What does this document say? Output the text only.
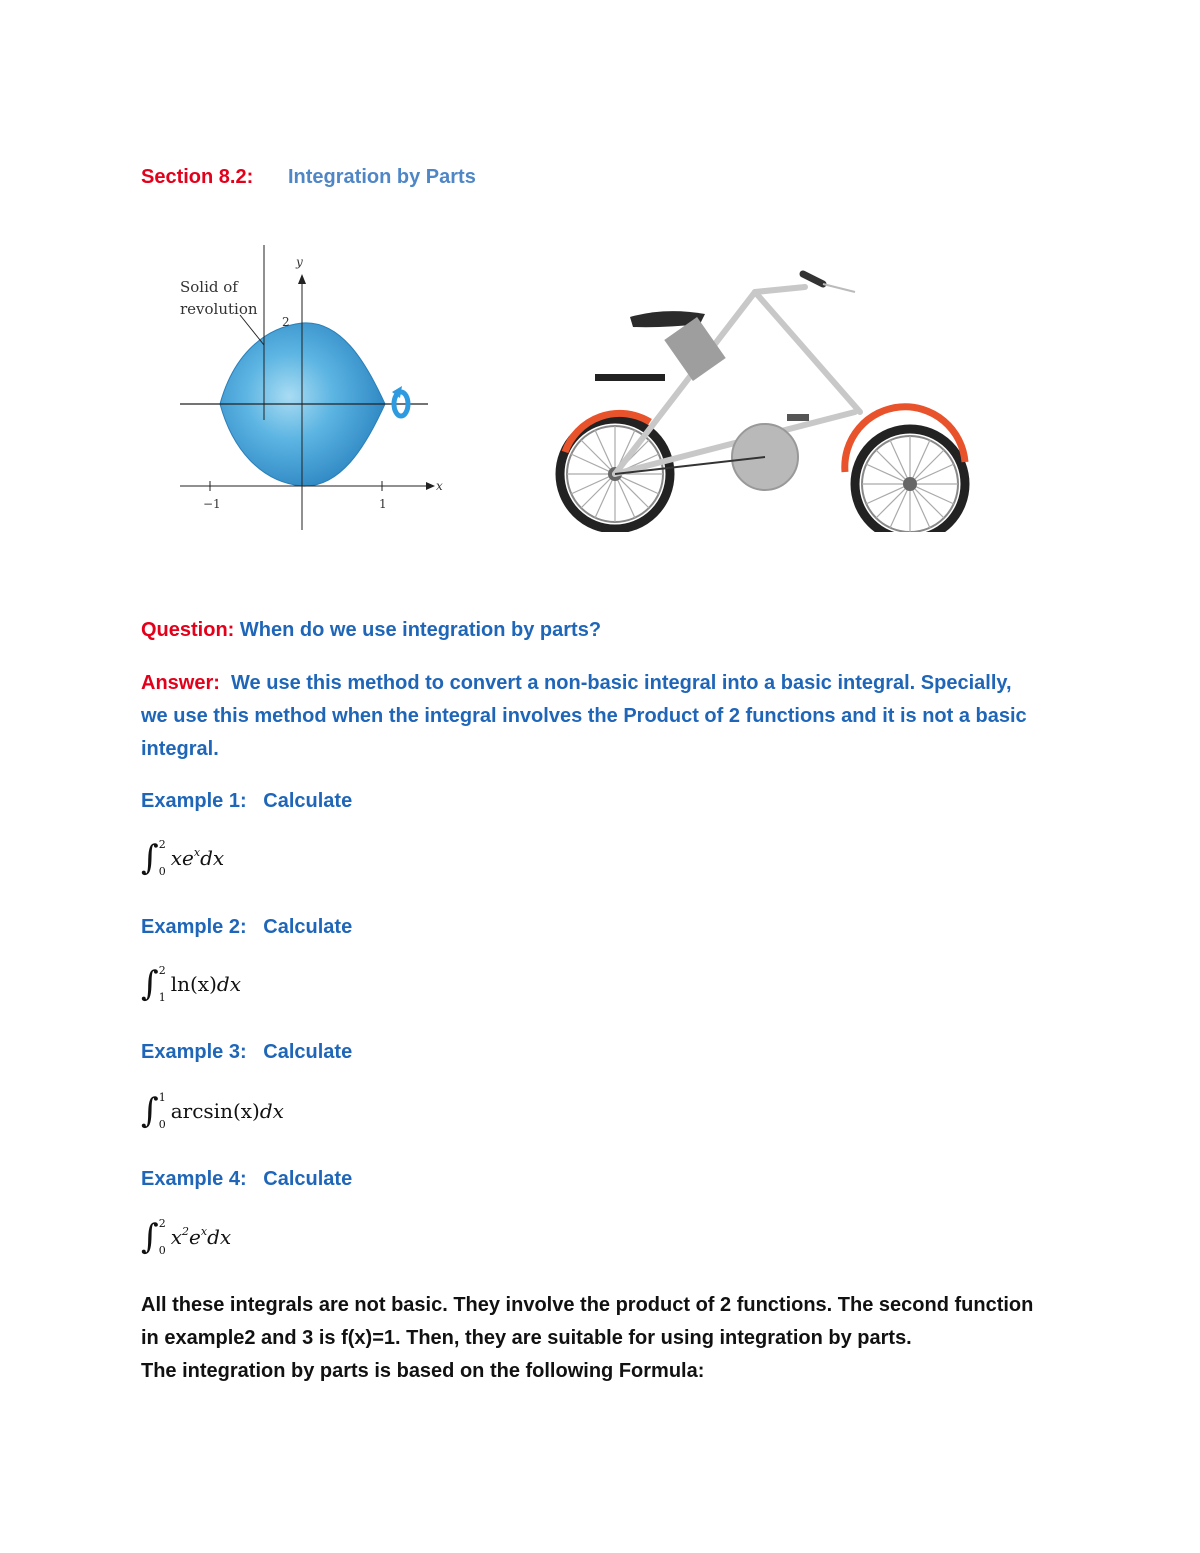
Section 8.2: Integration by Parts
Solid of
revolution
y
2
x
−1	1
Question: When do we use integration by parts?
Answer: We use this method to convert a non-basic integral into a basic integral. Specially,
we use this method when the integral involves the Product of 2 functions and it is not a basic
integral.
Example 1: Calculate
∫ 2
0
$xe^xdx$
Example 2: Calculate
∫ 2
1
ln(x)dx
Example 3: Calculate
∫ 1
0
arcsin(x)dx
Example 4: Calculate
∫ 2
0
$x^2e^xdx$
All these integrals are not basic. They involve the product of 2 functions. The second function
in example2 and 3 is f(x)=1. Then, they are suitable for using integration by parts.
The integration by parts is based on the following Formula:
